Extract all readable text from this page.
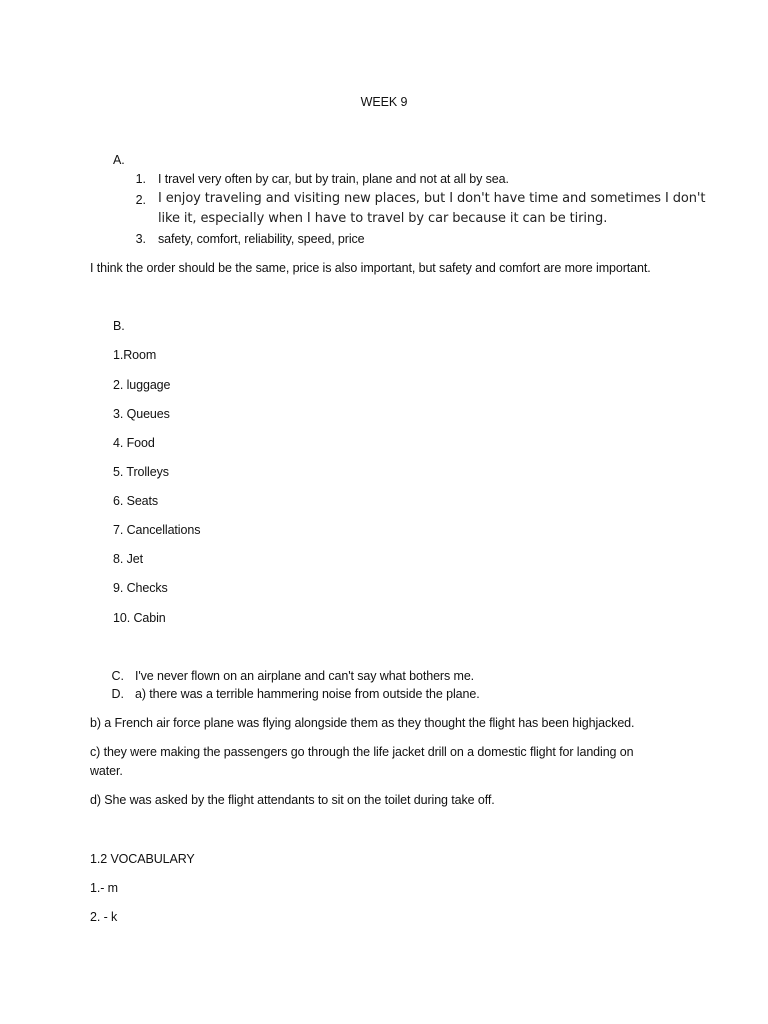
WEEK 9
A.
1. I travel very often by car, but by train, plane and not at all by sea.
2. I enjoy traveling and visiting new places, but I don't have time and sometimes I don't
like it, especially when I have to travel by car because it can be tiring.
3. safety, comfort, reliability, speed, price
I think the order should be the same, price is also important, but safety and comfort are more important.
B.
1.Room
2. luggage
3. Queues
4. Food
5. Trolleys
6. Seats
7. Cancellations
8. Jet
9. Checks
10. Cabin
C. I've never flown on an airplane and can't say what bothers me.
D. a) there was a terrible hammering noise from outside the plane.
b) a French air force plane was flying alongside them as they thought the flight has been highjacked.
c) they were making the passengers go through the life jacket drill on a domestic flight for landing on
water.
d) She was asked by the flight attendants to sit on the toilet during take off.
1.2 VOCABULARY
1.- m
2. - k
